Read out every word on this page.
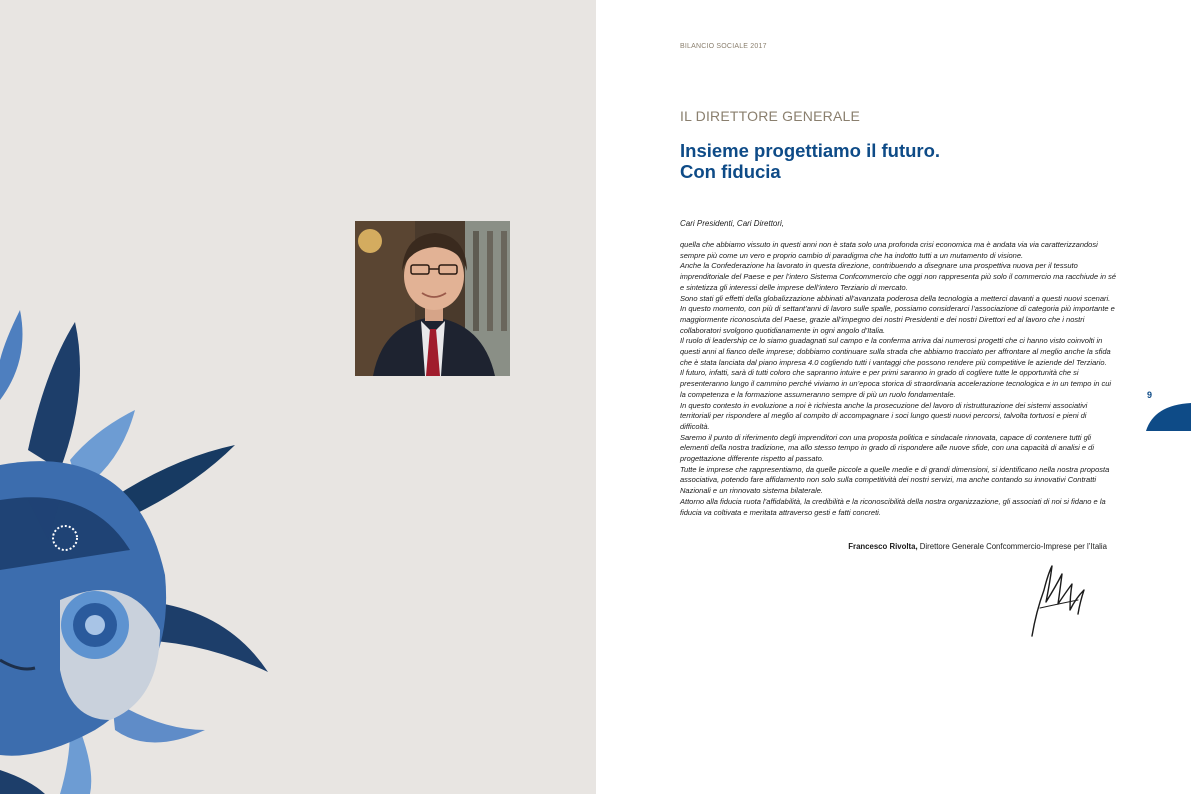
BILANCIO SOCIALE 2017
IL DIRETTORE GENERALE
Insieme progettiamo il futuro.
Con fiducia
Cari Presidenti, Cari Direttori,

quella che abbiamo vissuto in questi anni non è stata solo una profonda crisi economica ma è andata via via caratterizzandosi sempre più come un vero e proprio cambio di paradigma che ha indotto tutti a un mutamento di visione.

Anche la Confederazione ha lavorato in questa direzione, contribuendo a disegnare una prospettiva nuova per il tessuto imprenditoriale del Paese e per l’intero Sistema Confcommercio che oggi non rappresenta più solo il commercio ma racchiude in sé e sintetizza gli interessi delle imprese dell’intero Terziario di mercato.

Sono stati gli effetti della globalizzazione abbinati all’avanzata poderosa della tecnologia a metterci davanti a questi nuovi scenari. In questo momento, con più di settant’anni di lavoro sulle spalle, possiamo considerarci l’associazione di categoria più importante e maggiormente riconosciuta del Paese, grazie all’impegno dei nostri Presidenti e dei nostri Direttori ed al lavoro che i nostri collaboratori svolgono quotidianamente in ogni angolo d’Italia.

Il ruolo di leadership ce lo siamo guadagnati sul campo e la conferma arriva dai numerosi progetti che ci hanno visto coinvolti in questi anni al fianco delle imprese; dobbiamo continuare sulla strada che abbiamo tracciato per affrontare al meglio anche la sfida che è stata lanciata dal piano impresa 4.0 cogliendo tutti i vantaggi che possono rendere più competitive le aziende del Terziario.

Il futuro, infatti, sarà di tutti coloro che sapranno intuire e per primi saranno in grado di cogliere tutte le opportunità che si presenteranno lungo il cammino perché viviamo in un’epoca storica di straordinaria accelerazione tecnologica e in un tempo in cui la competenza e la formazione assumeranno sempre di più un ruolo fondamentale.

In questo contesto in evoluzione a noi è richiesta anche la prosecuzione del lavoro di ristrutturazione dei sistemi associativi territoriali per rispondere al meglio al compito di accompagnare i soci lungo questi nuovi percorsi, talvolta tortuosi e pieni di difficoltà.

Saremo il punto di riferimento degli imprenditori con una proposta politica e sindacale rinnovata, capace di contenere tutti gli elementi della nostra tradizione, ma allo stesso tempo in grado di rispondere alle nuove sfide, con una capacità di analisi e di progettazione differente rispetto al passato.

Tutte le imprese che rappresentiamo, da quelle piccole a quelle medie e di grandi dimensioni, si identificano nella nostra proposta associativa, potendo fare affidamento non solo sulla competitività dei nostri servizi, ma anche contando su innovativi Contratti Nazionali e un rinnovato sistema bilaterale.

Attorno alla fiducia ruota l’affidabilità, la credibilità e la riconoscibilità della nostra organizzazione, gli associati di noi si fidano e la fiducia va coltivata e meritata attraverso gesti e fatti concreti.

Francesco Rivolta, Direttore Generale Confcommercio-Imprese per l’Italia
9
